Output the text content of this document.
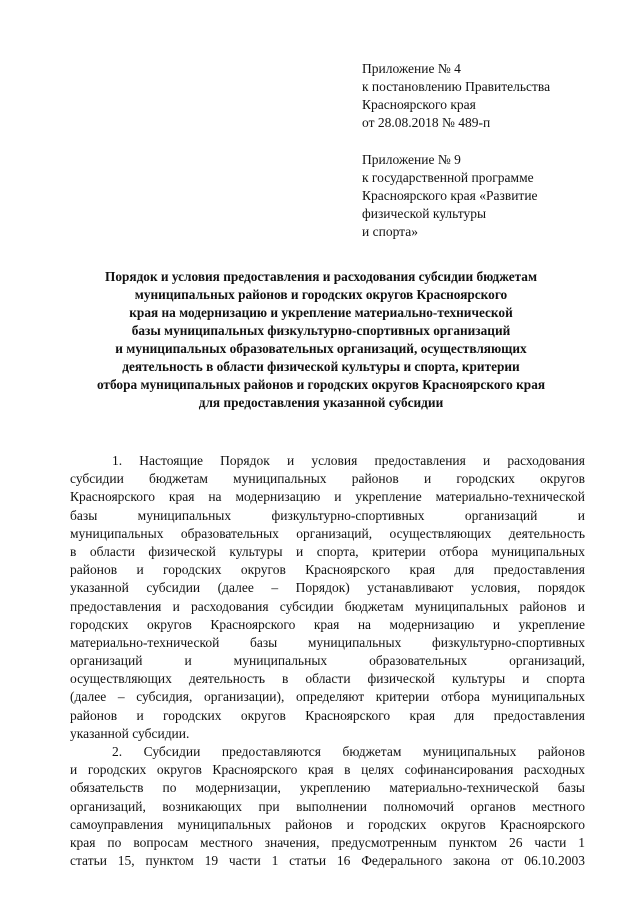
Приложение № 4
к постановлению Правительства
Красноярского края
от 28.08.2018 № 489-п
Приложение № 9
к государственной программе
Красноярского края «Развитие
физической культуры
и спорта»
Порядок и условия предоставления и расходования субсидии бюджетам
муниципальных районов и городских округов Красноярского
края на модернизацию и укрепление материально-технической
базы муниципальных физкультурно-спортивных организаций
и муниципальных образовательных организаций, осуществляющих
деятельность в области физической культуры и спорта, критерии
отбора муниципальных районов и городских округов Красноярского края
для предоставления указанной субсидии
1. Настоящие Порядок и условия предоставления и расходования
субсидии бюджетам муниципальных районов и городских округов
Красноярского края на модернизацию и укрепление материально-технической
базы муниципальных физкультурно-спортивных организаций и
муниципальных образовательных организаций, осуществляющих деятельность
в области физической культуры и спорта, критерии отбора муниципальных
районов и городских округов Красноярского края для предоставления
указанной субсидии (далее – Порядок) устанавливают условия, порядок
предоставления и расходования субсидии бюджетам муниципальных районов и
городских округов Красноярского края на модернизацию и укрепление
материально-технической базы муниципальных физкультурно-спортивных
организаций и муниципальных образовательных организаций,
осуществляющих деятельность в области физической культуры и спорта
(далее – субсидия, организации), определяют критерии отбора муниципальных
районов и городских округов Красноярского края для предоставления
указанной субсидии.
2. Субсидии предоставляются бюджетам муниципальных районов
и городских округов Красноярского края в целях софинансирования расходных
обязательств по модернизации, укреплению материально-технической базы
организаций, возникающих при выполнении полномочий органов местного
самоуправления муниципальных районов и городских округов Красноярского
края по вопросам местного значения, предусмотренным пунктом 26 части 1
статьи 15, пунктом 19 части 1 статьи 16 Федерального закона от 06.10.2003
